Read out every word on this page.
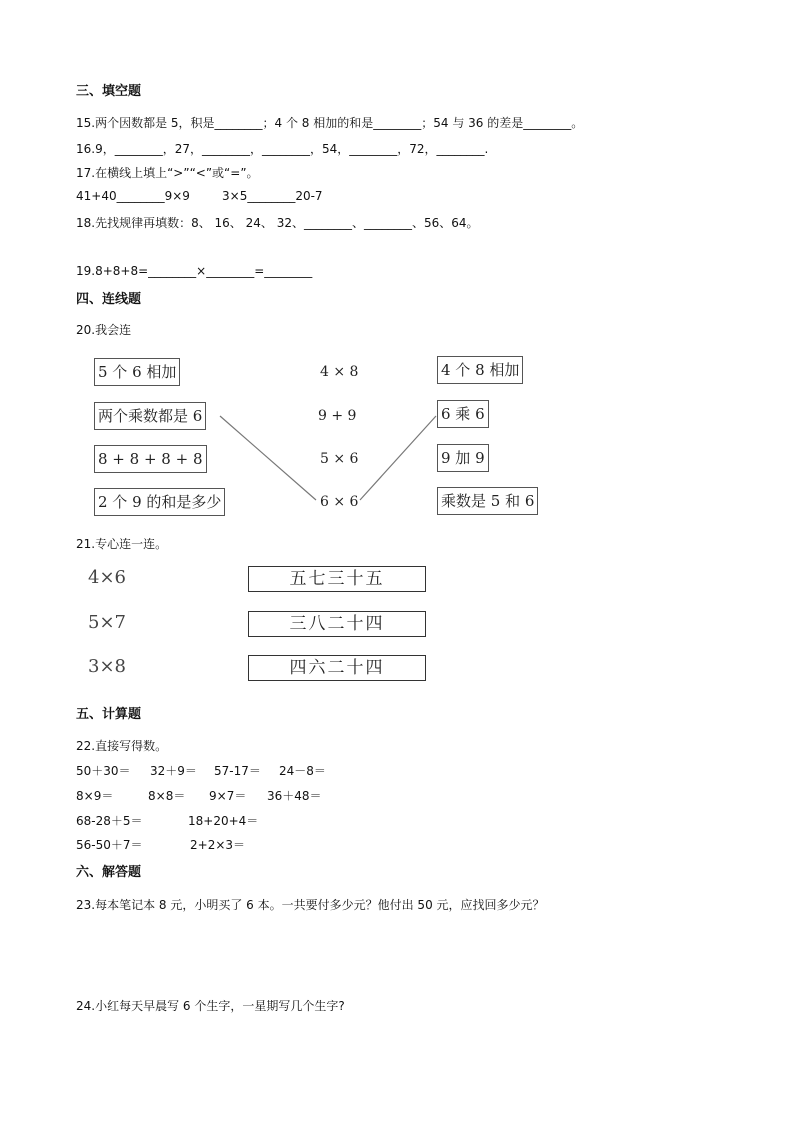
三、填空题
15.两个因数都是 5，积是________；4 个 8 相加的和是________；54 与 36 的差是________。
16.9，________，27，________，________，54，________，72，________.
17.在横线上填上“>”“<”或“=”。
41+40________9×9	3×5________20-7
18.先找规律再填数：8、 16、 24、 32、________、________、56、64。
19.8+8+8=________×________=________
四、连线题
20.我会连
5 个 6 相加
两个乘数都是 6
8 + 8 + 8 + 8
2 个 9 的和是多少
4 × 8
9 + 9
5 × 6
6 × 6
4 个 8 相加
6 乘 6
9 加 9
乘数是 5 和 6
21.专心连一连。
4×6
5×7
3×8
五七三十五
三八二十四
四六二十四
五、计算题
22.直接写得数。
50＋30＝ 32＋9＝ 57-17＝ 24－8＝
8×9＝	8×8＝ 9×7＝ 36＋48＝
68-28＋5＝	18+20+4＝
56-50＋7＝	2+2×3＝
六、解答题
23.每本笔记本 8 元，小明买了 6 本。一共要付多少元？他付出 50 元，应找回多少元？
24.小红每天早晨写 6 个生字，一星期写几个生字?
